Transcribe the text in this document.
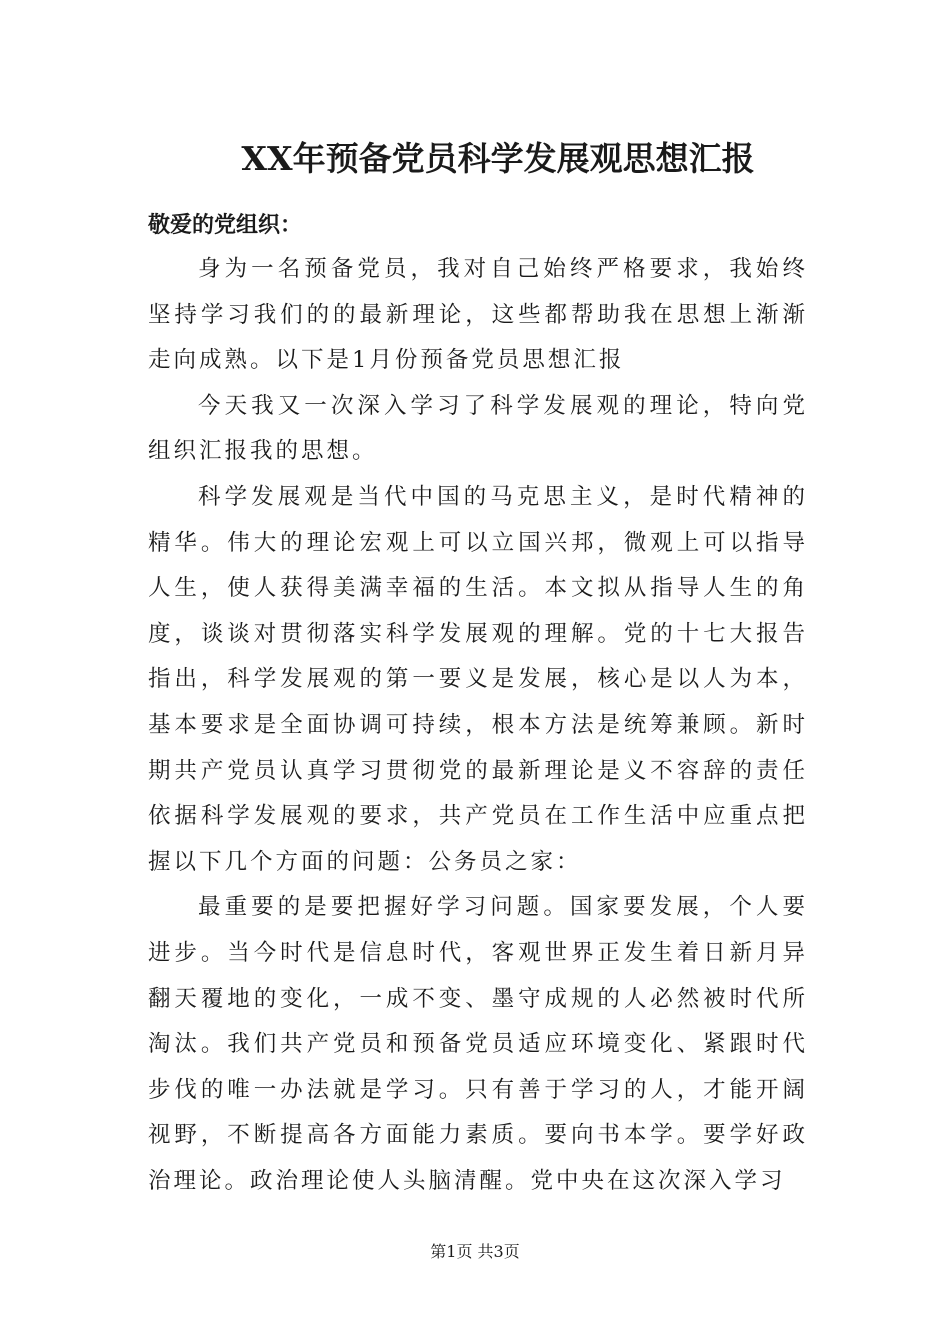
XX年预备党员科学发展观思想汇报

敬爱的党组织：

身为一名预备党员，我对自己始终严格要求，我始终坚持学习我们的的最新理论，这些都帮助我在思想上渐渐走向成熟。以下是1月份预备党员思想汇报

今天我又一次深入学习了科学发展观的理论，特向党组织汇报我的思想。

科学发展观是当代中国的马克思主义，是时代精神的精华。伟大的理论宏观上可以立国兴邦，微观上可以指导人生，使人获得美满幸福的生活。本文拟从指导人生的角度，谈谈对贯彻落实科学发展观的理解。党的十七大报告指出，科学发展观的第一要义是发展，核心是以人为本，基本要求是全面协调可持续，根本方法是统筹兼顾。新时期共产党员认真学习贯彻党的最新理论是义不容辞的责任依据科学发展观的要求，共产党员在工作生活中应重点把握以下几个方面的问题：公务员之家：

最重要的是要把握好学习问题。国家要发展，个人要进步。当今时代是信息时代，客观世界正发生着日新月异翻天覆地的变化，一成不变、墨守成规的人必然被时代所淘汰。我们共产党员和预备党员适应环境变化、紧跟时代步伐的唯一办法就是学习。只有善于学习的人，才能开阔视野，不断提高各方面能力素质。要向书本学。要学好政治理论。政治理论使人头脑清醒。党中央在这次深入学习

第1页 共3页
